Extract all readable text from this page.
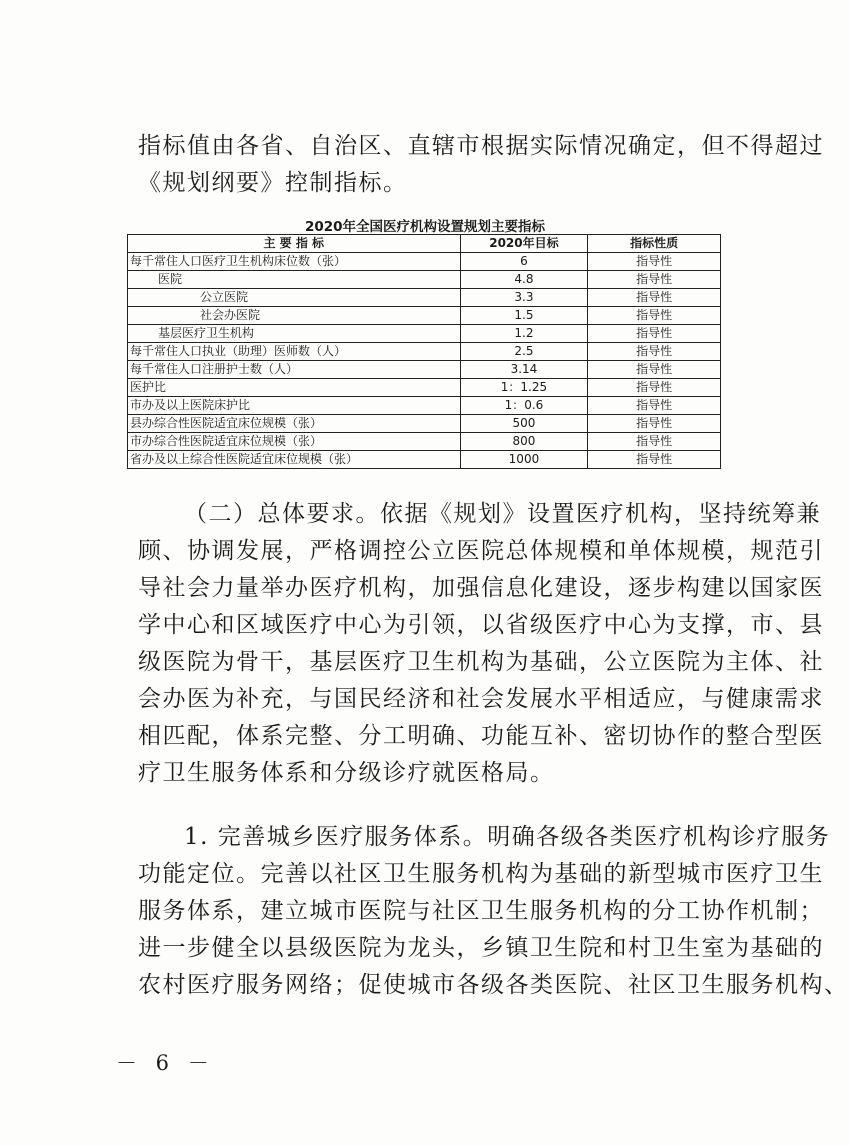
指标值由各省、自治区、直辖市根据实际情况确定，但不得超过
《规划纲要》控制指标。
2020年全国医疗机构设置规划主要指标
主 要 指 标	2020年目标	指标性质
每千常住人口医疗卫生机构床位数（张）	6	指导性
医院	4.8	指导性
公立医院	3.3	指导性
社会办医院	1.5	指导性
基层医疗卫生机构	1.2	指导性
每千常住人口执业（助理）医师数（人）	2.5	指导性
每千常住人口注册护士数（人）	3.14	指导性
医护比	1：1.25	指导性
市办及以上医院床护比	1：0.6	指导性
县办综合性医院适宜床位规模（张）	500	指导性
市办综合性医院适宜床位规模（张）	800	指导性
省办及以上综合性医院适宜床位规模（张）	1000	指导性
（二）总体要求。依据《规划》设置医疗机构，坚持统筹兼
顾、协调发展，严格调控公立医院总体规模和单体规模，规范引
导社会力量举办医疗机构，加强信息化建设，逐步构建以国家医
学中心和区域医疗中心为引领，以省级医疗中心为支撑，市、县
级医院为骨干，基层医疗卫生机构为基础，公立医院为主体、社
会办医为补充，与国民经济和社会发展水平相适应，与健康需求
相匹配，体系完整、分工明确、功能互补、密切协作的整合型医
疗卫生服务体系和分级诊疗就医格局。
1. 完善城乡医疗服务体系。明确各级各类医疗机构诊疗服务
功能定位。完善以社区卫生服务机构为基础的新型城市医疗卫生
服务体系，建立城市医院与社区卫生服务机构的分工协作机制；
进一步健全以县级医院为龙头，乡镇卫生院和村卫生室为基础的
农村医疗服务网络；促使城市各级各类医院、社区卫生服务机构、

－ 6 －
